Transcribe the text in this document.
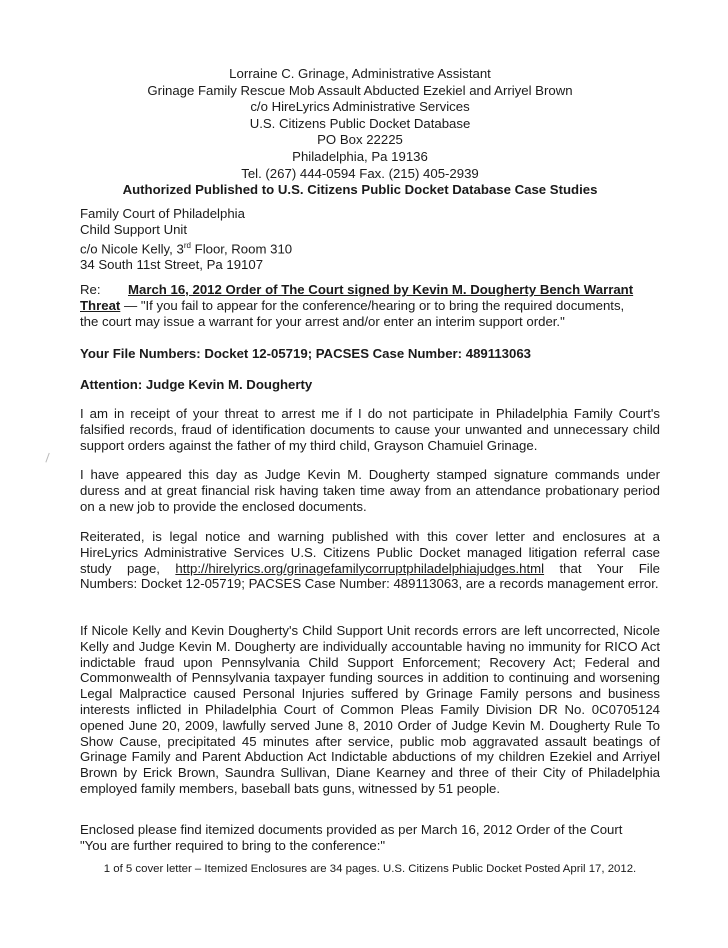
Lorraine C. Grinage, Administrative Assistant
Grinage Family Rescue Mob Assault Abducted Ezekiel and Arriyel Brown
c/o HireLyrics Administrative Services
U.S. Citizens Public Docket Database
PO Box 22225
Philadelphia, Pa 19136
Tel. (267) 444-0594 Fax. (215) 405-2939
Authorized Published to U.S. Citizens Public Docket Database Case Studies
Family Court of Philadelphia
Child Support Unit
c/o Nicole Kelly, 3rd Floor, Room 310
34 South 11st Street, Pa 19107
Re: March 16, 2012 Order of The Court signed by Kevin M. Dougherty Bench Warrant
Threat — "If you fail to appear for the conference/hearing or to bring the required documents,
the court may issue a warrant for your arrest and/or enter an interim support order."
Your File Numbers: Docket 12-05719; PACSES Case Number: 489113063
Attention: Judge Kevin M. Dougherty
I am in receipt of your threat to arrest me if I do not participate in Philadelphia Family Court's falsified records, fraud of identification documents to cause your unwanted and unnecessary child support orders against the father of my third child, Grayson Chamuiel Grinage.
I have appeared this day as Judge Kevin M. Dougherty stamped signature commands under duress and at great financial risk having taken time away from an attendance probationary period on a new job to provide the enclosed documents.
Reiterated, is legal notice and warning published with this cover letter and enclosures at a HireLyrics Administrative Services U.S. Citizens Public Docket managed litigation referral case study page, http://hirelyrics.org/grinagefamilycorruptphiladelphiajudges.html that Your File Numbers: Docket 12-05719; PACSES Case Number: 489113063, are a records management error.
If Nicole Kelly and Kevin Dougherty's Child Support Unit records errors are left uncorrected, Nicole Kelly and Judge Kevin M. Dougherty are individually accountable having no immunity for RICO Act indictable fraud upon Pennsylvania Child Support Enforcement; Recovery Act; Federal and Commonwealth of Pennsylvania taxpayer funding sources in addition to continuing and worsening Legal Malpractice caused Personal Injuries suffered by Grinage Family persons and business interests inflicted in Philadelphia Court of Common Pleas Family Division DR No. 0C0705124 opened June 20, 2009, lawfully served June 8, 2010 Order of Judge Kevin M. Dougherty Rule To Show Cause, precipitated 45 minutes after service, public mob aggravated assault beatings of Grinage Family and Parent Abduction Act Indictable abductions of my children Ezekiel and Arriyel Brown by Erick Brown, Saundra Sullivan, Diane Kearney and three of their City of Philadelphia employed family members, baseball bats guns, witnessed by 51 people.
Enclosed please find itemized documents provided as per March 16, 2012 Order of the Court
"You are further required to bring to the conference:"
1 of 5 cover letter – Itemized Enclosures are 34 pages. U.S. Citizens Public Docket Posted April 17, 2012.
